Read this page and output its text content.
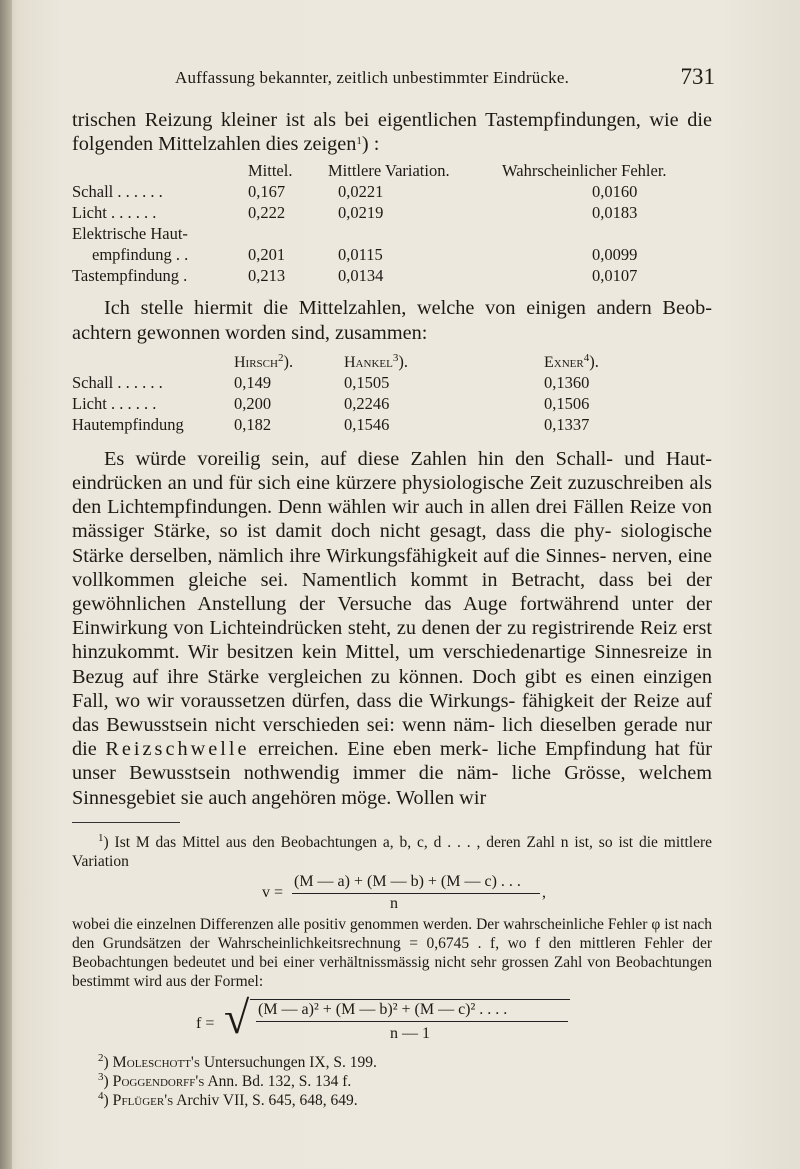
Auffassung bekannter, zeitlich unbestimmter Eindrücke.	731

trischen Reizung kleiner ist als bei eigentlichen Tastempfindungen, wie die folgenden Mittelzahlen dies zeigen$^1$) :

	Mittel.	Mittlere Variation.	Wahrscheinlicher Fehler.
Schall . . . . . .	0,167	0,0221	0,0160
Licht . . . . . .	0,222	0,0219	0,0183
Elektrische Haut-			
empfindung . .	0,201	0,0115	0,0099
Tastempfindung .	0,213	0,0134	0,0107

Ich stelle hiermit die Mittelzahlen, welche von einigen andern Beob- achtern gewonnen worden sind, zusammen:

	Hirsch$^2$).	Hankel$^3$).	Exner$^4$).
Schall . . . . . .	0,149	0,1505	0,1360
Licht . . . . . .	0,200	0,2246	0,1506
Hautempfindung	0,182	0,1546	0,1337

Es würde voreilig sein, auf diese Zahlen hin den Schall- und Haut- eindrücken an und für sich eine kürzere physiologische Zeit zuzuschreiben als den Lichtempfindungen. Denn wählen wir auch in allen drei Fällen Reize von mässiger Stärke, so ist damit doch nicht gesagt, dass die phy- siologische Stärke derselben, nämlich ihre Wirkungsfähigkeit auf die Sinnes- nerven, eine vollkommen gleiche sei. Namentlich kommt in Betracht, dass bei der gewöhnlichen Anstellung der Versuche das Auge fortwährend unter der Einwirkung von Lichteindrücken steht, zu denen der zu registrirende Reiz erst hinzukommt. Wir besitzen kein Mittel, um verschiedenartige Sinnesreize in Bezug auf ihre Stärke vergleichen zu können. Doch gibt es einen einzigen Fall, wo wir voraussetzen dürfen, dass die Wirkungs- fähigkeit der Reize auf das Bewusstsein nicht verschieden sei: wenn näm- lich dieselben gerade nur die Reizschwelle erreichen. Eine eben merk- liche Empfindung hat für unser Bewusstsein nothwendig immer die näm- liche Grösse, welchem Sinnesgebiet sie auch angehören möge. Wollen wir

$^1$) Ist M das Mittel aus den Beobachtungen a, b, c, d . . . , deren Zahl n ist, so ist die mittlere Variation

v =
(M — a) + (M — b) + (M — c) . . .
n
,

wobei die einzelnen Differenzen alle positiv genommen werden. Der wahrscheinliche Fehler φ ist nach den Grundsätzen der Wahrscheinlichkeitsrechnung = 0,6745 . f, wo f den mittleren Fehler der Beobachtungen bedeutet und bei einer verhältnissmässig nicht sehr grossen Zahl von Beobachtungen bestimmt wird aus der Formel:

f = √ (M — a)² + (M — b)² + (M — c)² . . . .
n — 1

$^2$) Moleschott's Untersuchungen IX, S. 199.

$^3$) Poggendorff's Ann. Bd. 132, S. 134 f.

$^4$) Pflüger's Archiv VII, S. 645, 648, 649.
